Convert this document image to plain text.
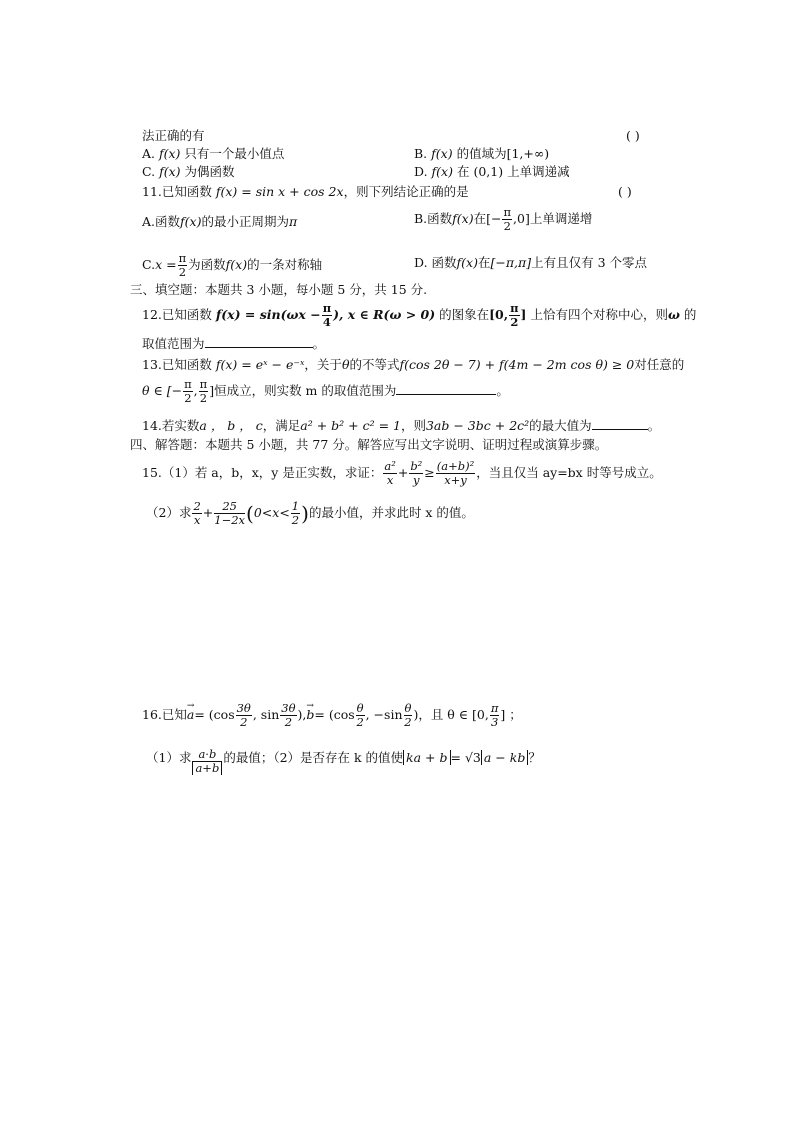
法正确的有	( )
A. f(x) 只有一个最小值点	B. f(x) 的值域为[1,+∞)
C. f(x) 为偶函数	D. f(x) 在 (0,1) 上单调递减
11.已知函数 f(x) = sin x + cos 2x，则下列结论正确的是	( )
A.函数f(x)的最小正周期为π	B.函数f(x)在[− $\frac{\pi}{2} ,0$]上单调递增
$C.x = \frac{\pi}{2}$ 为函数f(x)的一条对称轴	D. 函数f(x)在[−π,π]上有且仅有 3 个零点
三、填空题：本题共 3 小题，每小题 5 分，共 15 分.
12.已知函数 $f(x) = \sin(\omega x - \frac{\pi}{4}$ ), x ∈ R(ω > 0) 的图象在[0, $\frac{\pi}{2}$ ] 上恰有四个对称中心，则ω 的
取值范围为	。
13.已知函数 f(x) = eˣ − e⁻ˣ，关于θ的不等式f(cos 2θ − 7) + f(4m − 2m cos θ) ≥ 0对任意的
θ ∈ [− $\frac{\pi}{2}$ , $\frac{\pi}{2}$ ]恒成立，则实数 m 的取值范围为	。
14.若实数a ， b ， c，满足a² + b² + c² = 1，则3ab − 3bc + 2c²的最大值为	。
四、解答题：本题共 5 小题，共 77 分。解答应写出文字说明、证明过程或演算步骤。
15.（1）若 a，b，x，y 是正实数，求证： $\frac{\text{a²}}{x} + \frac{\text{b²}}{y} \ge \frac{\text{(a+b)²}}{x+y}$ ，当且仅当 ay=bx 时等号成立。
（2）求 $\frac{2}{x} + \frac{25}{1-2x} (0<x< \frac{1}{2}$ )的最小值，并求此时 x 的值。
16.已知→ $a= (\cos \frac{3\theta}{2}$ , $\sin \frac{3\theta}{2}$ ),→ $b= (\cos \frac{\theta}{2}$ , $-\sin \frac{\theta}{2}$ )，且 θ ∈ [0, $\frac{\pi}{3}$ ] ；
（1）求 $\frac{a\cdot b}{a+b}$ 的最值；（2）是否存在 k 的值使 ka + b = √3 a − kb ？
